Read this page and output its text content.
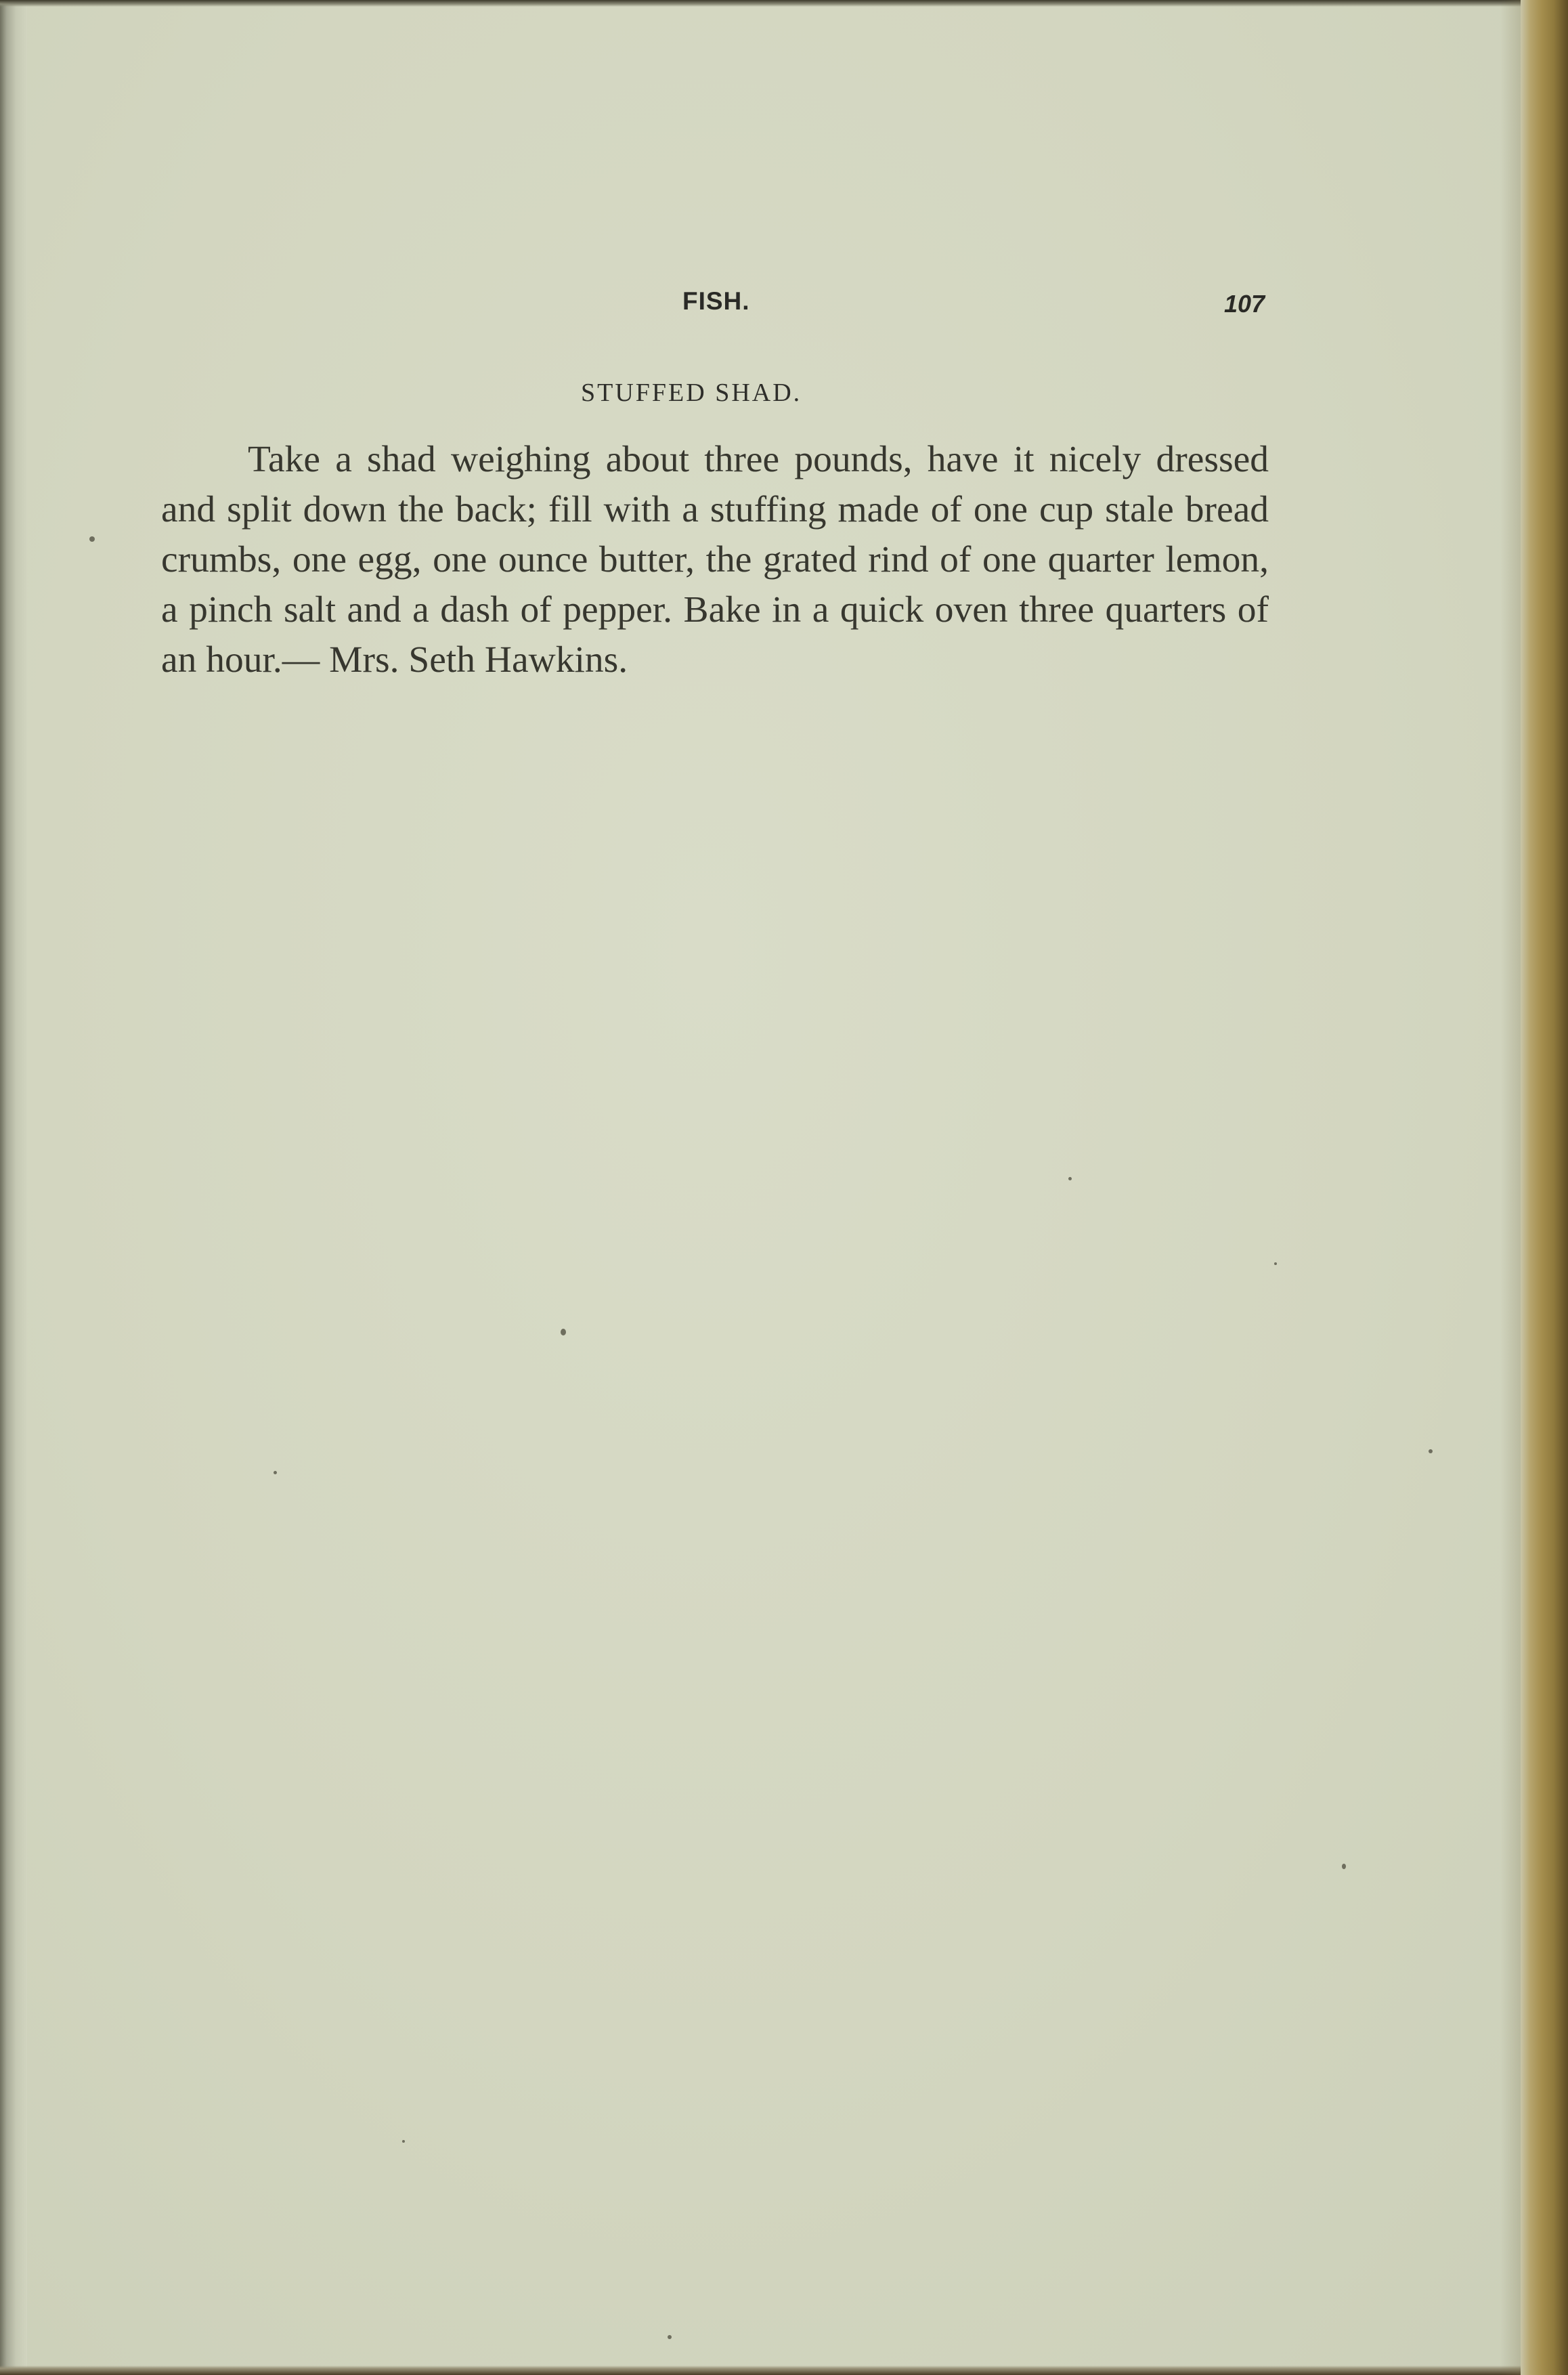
FISH.	107
STUFFED SHAD.

Take a shad weighing about three pounds, have it nicely dressed and split down the back; fill with a stuffing made of one cup stale bread crumbs, one egg, one ounce butter, the grated rind of one quarter lemon, a pinch salt and a dash of pepper. Bake in a quick oven three quarters of an hour.— Mrs. Seth Hawkins.
